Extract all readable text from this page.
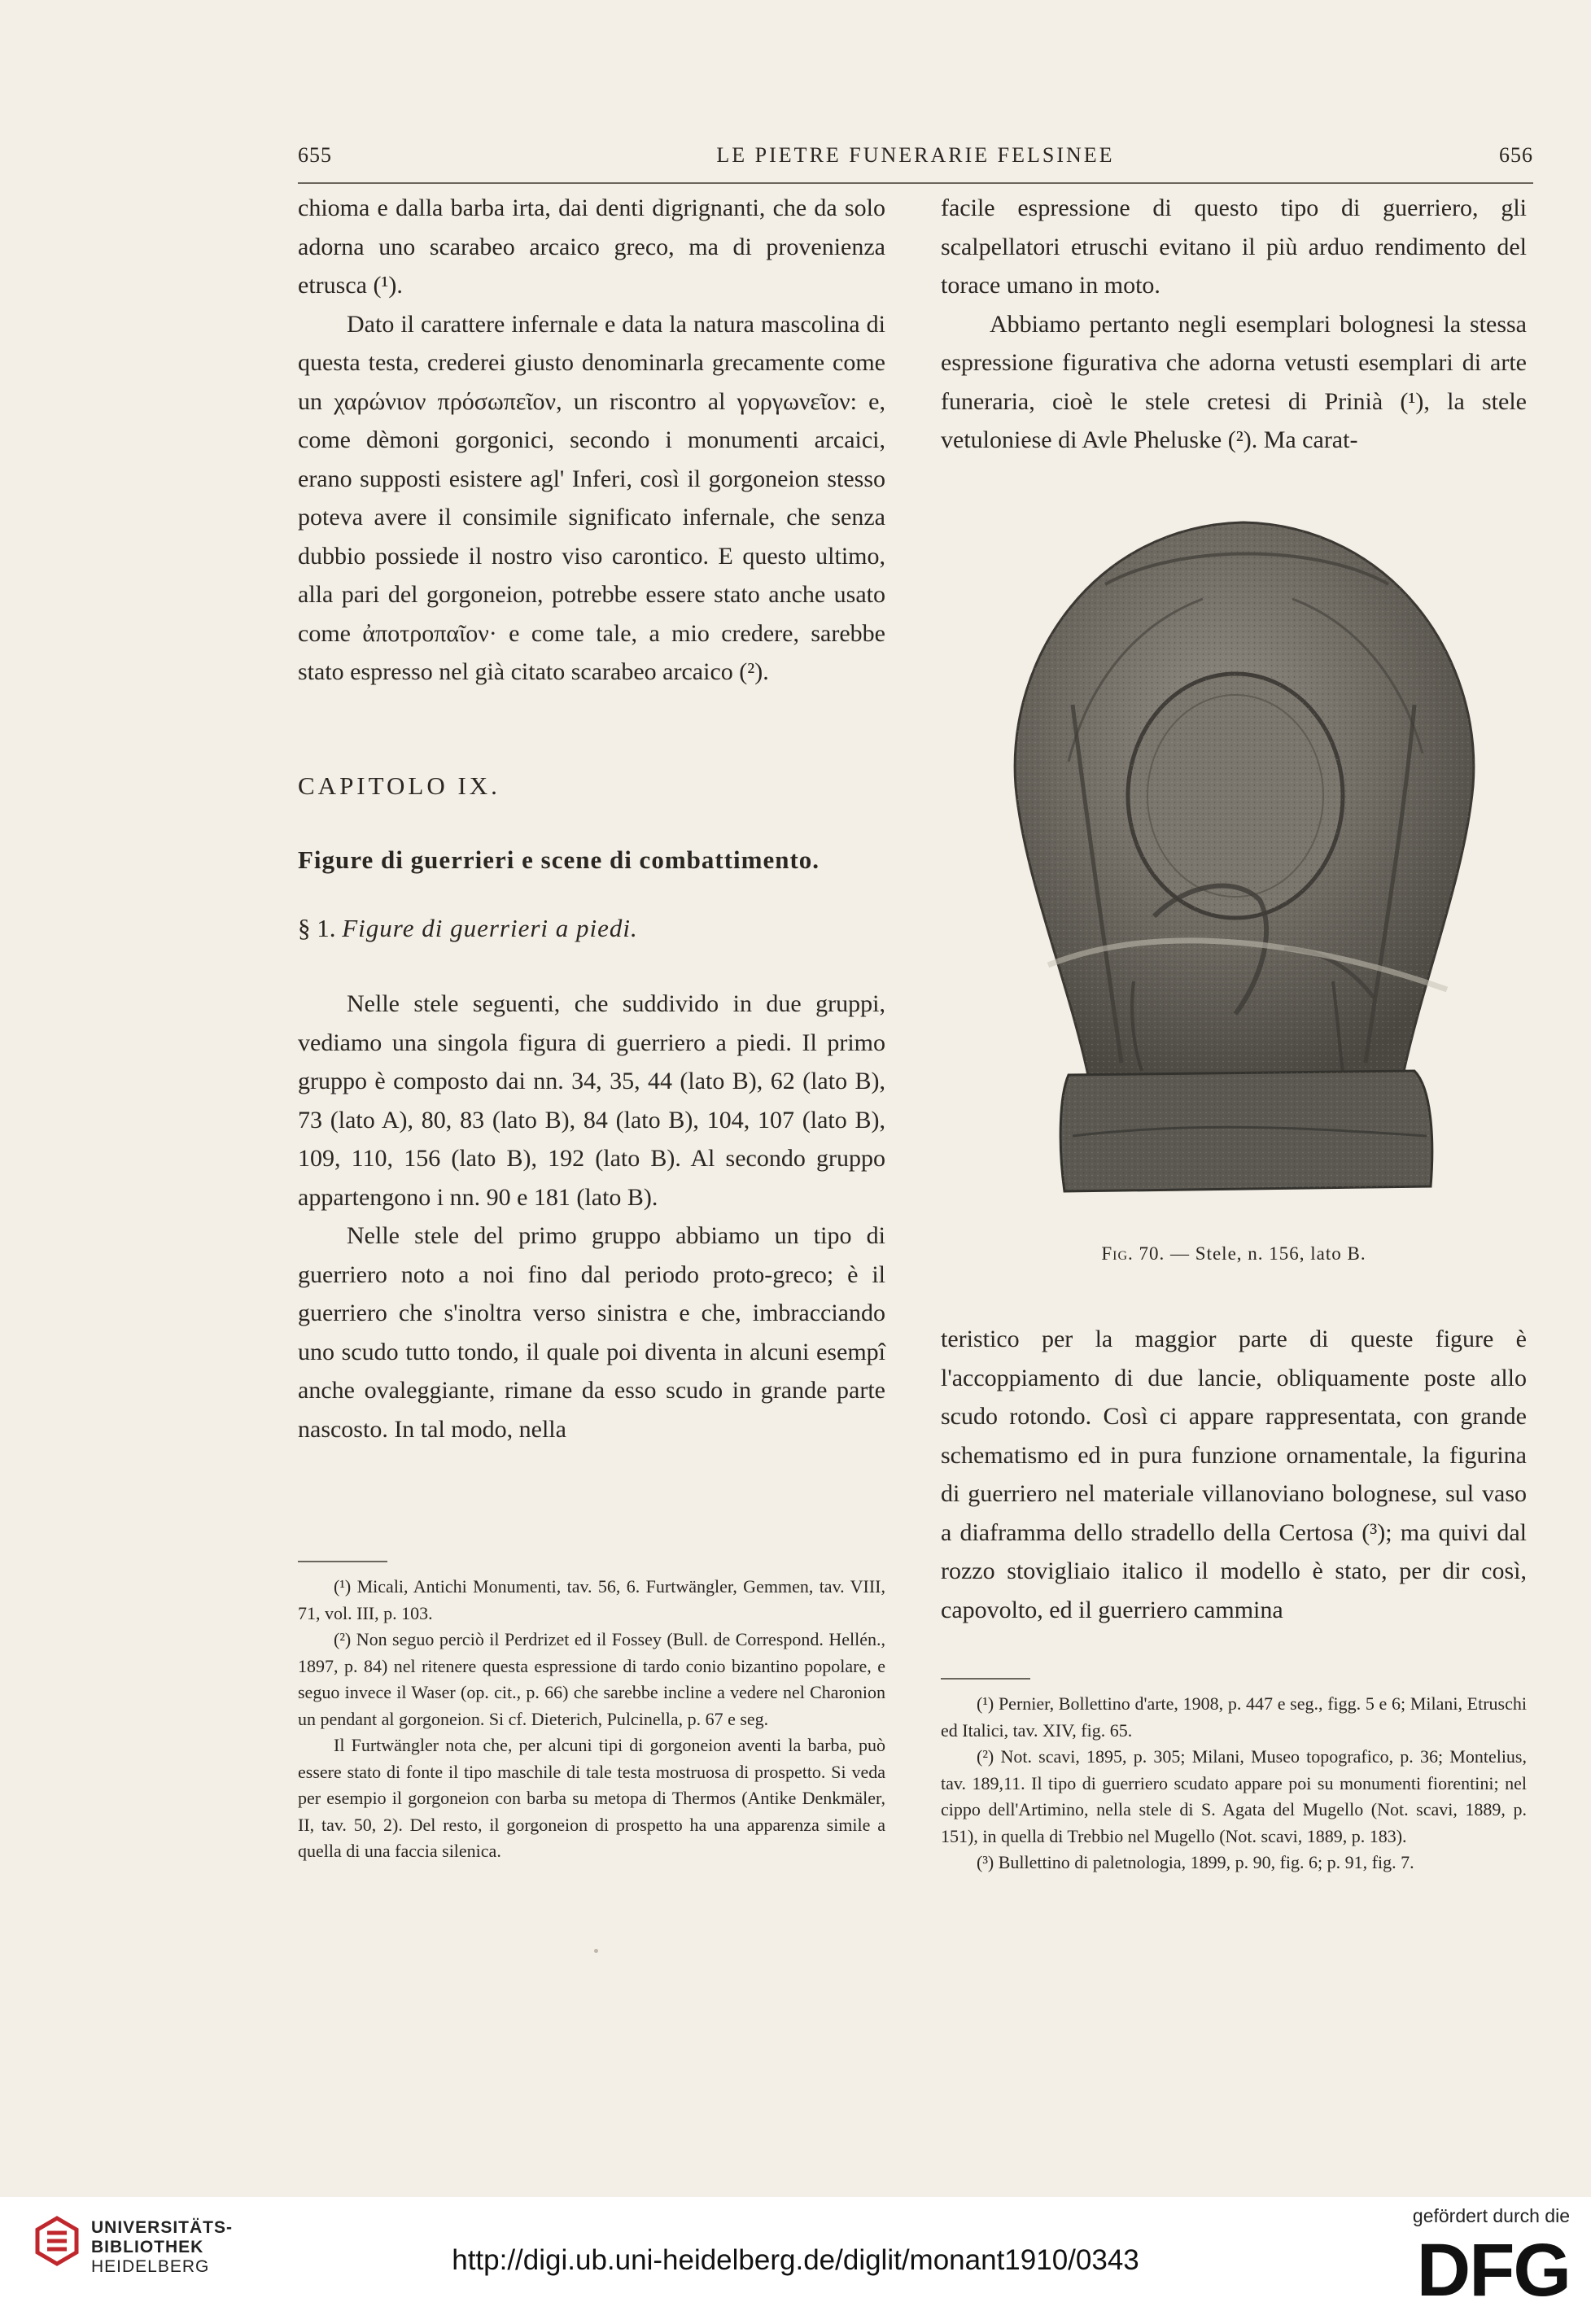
655	LE PIETRE FUNERARIE FELSINEE	656

chioma e dalla barba irta, dai denti digrignanti, che da solo adorna uno scarabeo arcaico greco, ma di provenienza etrusca (¹).

Dato il carattere infernale e data la natura mascolina di questa testa, crederei giusto denominarla grecamente come un χαρώνιον πρόσωπεῖον, un riscontro al γοργωνεῖον: e, come dèmoni gorgonici, secondo i monumenti arcaici, erano supposti esistere agl' Inferi, così il gorgoneion stesso poteva avere il consimile significato infernale, che senza dubbio possiede il nostro viso carontico. E questo ultimo, alla pari del gorgoneion, potrebbe essere stato anche usato come ἀποτροπαῖον· e come tale, a mio credere, sarebbe stato espresso nel già citato scarabeo arcaico (²).

CAPITOLO IX.

Figure di guerrieri e scene di combattimento.

§ 1. Figure di guerrieri a piedi.

Nelle stele seguenti, che suddivido in due gruppi, vediamo una singola figura di guerriero a piedi. Il primo gruppo è composto dai nn. 34, 35, 44 (lato B), 62 (lato B), 73 (lato A), 80, 83 (lato B), 84 (lato B), 104, 107 (lato B), 109, 110, 156 (lato B), 192 (lato B). Al secondo gruppo appartengono i nn. 90 e 181 (lato B).

Nelle stele del primo gruppo abbiamo un tipo di guerriero noto a noi fino dal periodo proto-greco; è il guerriero che s'inoltra verso sinistra e che, imbracciando uno scudo tutto tondo, il quale poi diventa in alcuni esempî anche ovaleggiante, rimane da esso scudo in grande parte nascosto. In tal modo, nella

(¹) Micali, Antichi Monumenti, tav. 56, 6. Furtwängler, Gemmen, tav. VIII, 71, vol. III, p. 103.

(²) Non seguo perciò il Perdrizet ed il Fossey (Bull. de Correspond. Hellén., 1897, p. 84) nel ritenere questa espressione di tardo conio bizantino popolare, e seguo invece il Waser (op. cit., p. 66) che sarebbe incline a vedere nel Charonion un pendant al gorgoneion. Si cf. Dieterich, Pulcinella, p. 67 e seg.

Il Furtwängler nota che, per alcuni tipi di gorgoneion aventi la barba, può essere stato di fonte il tipo maschile di tale testa mostruosa di prospetto. Si veda per esempio il gorgoneion con barba su metopa di Thermos (Antike Denkmäler, II, tav. 50, 2). Del resto, il gorgoneion di prospetto ha una apparenza simile a quella di una faccia silenica.

facile espressione di questo tipo di guerriero, gli scalpellatori etruschi evitano il più arduo rendimento del torace umano in moto.

Abbiamo pertanto negli esemplari bolognesi la stessa espressione figurativa che adorna vetusti esemplari di arte funeraria, cioè le stele cretesi di Prinià (¹), la stele vetuloniese di Avle Pheluske (²). Ma carat-

Fig. 70. — Stele, n. 156, lato B.

teristico per la maggior parte di queste figure è l'accoppiamento di due lancie, obliquamente poste allo scudo rotondo. Così ci appare rappresentata, con grande schematismo ed in pura funzione ornamentale, la figurina di guerriero nel materiale villanoviano bolognese, sul vaso a diaframma dello stradello della Certosa (³); ma quivi dal rozzo stovigliaio italico il modello è stato, per dir così, capovolto, ed il guerriero cammina

(¹) Pernier, Bollettino d'arte, 1908, p. 447 e seg., figg. 5 e 6; Milani, Etruschi ed Italici, tav. XIV, fig. 65.

(²) Not. scavi, 1895, p. 305; Milani, Museo topografico, p. 36; Montelius, tav. 189,11. Il tipo di guerriero scudato appare poi su monumenti fiorentini; nel cippo dell'Artimino, nella stele di S. Agata del Mugello (Not. scavi, 1889, p. 151), in quella di Trebbio nel Mugello (Not. scavi, 1889, p. 183).

(³) Bullettino di paletnologia, 1899, p. 90, fig. 6; p. 91, fig. 7.

UNIVERSITÄTS-
BIBLIOTHEK
HEIDELBERG	http://digi.ub.uni-heidelberg.de/diglit/monant1910/0343
gefördert durch die
DFG
